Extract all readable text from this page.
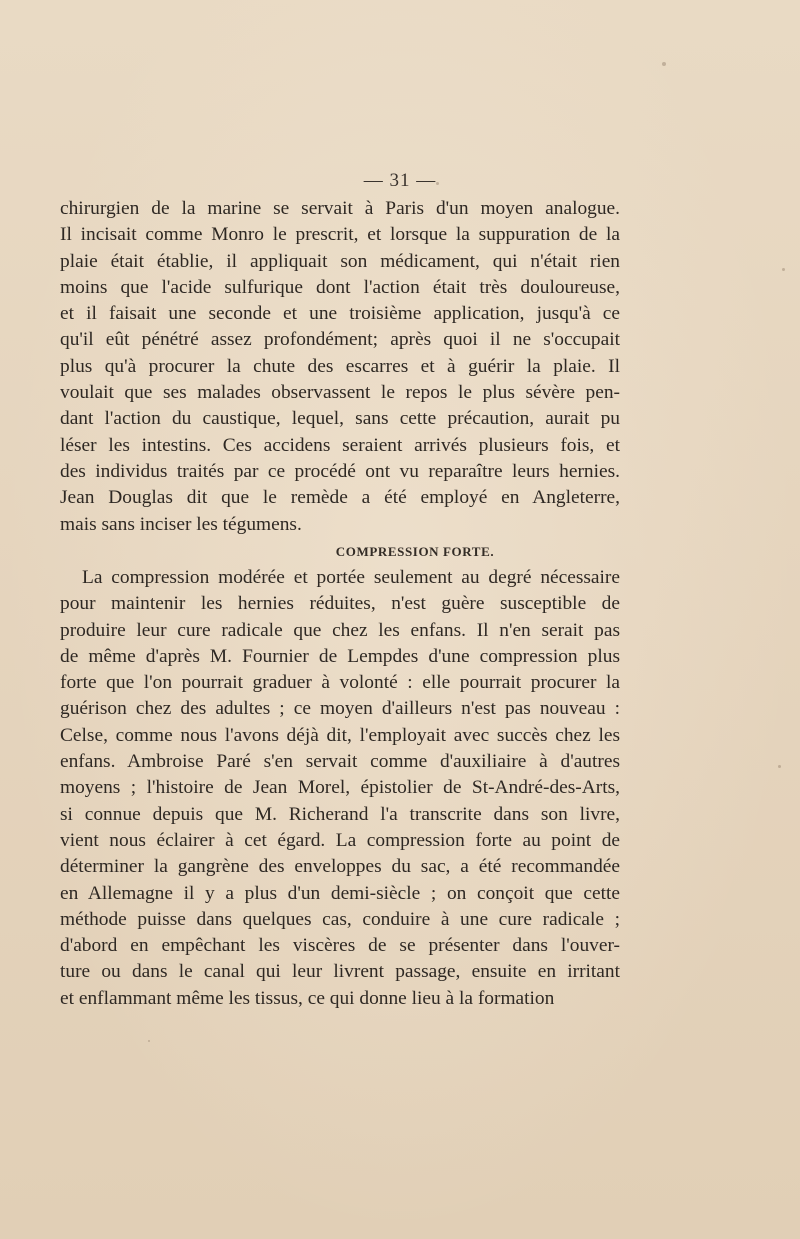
— 31 —
chirurgien de la marine se servait à Paris d'un moyen analogue.
Il incisait comme Monro le prescrit, et lorsque la suppuration de la
plaie était établie, il appliquait son médicament, qui n'était rien
moins que l'acide sulfurique dont l'action était très douloureuse,
et il faisait une seconde et une troisième application, jusqu'à ce
qu'il eût pénétré assez profondément; après quoi il ne s'occupait
plus qu'à procurer la chute des escarres et à guérir la plaie. Il
voulait que ses malades observassent le repos le plus sévère pen-
dant l'action du caustique, lequel, sans cette précaution, aurait pu
léser les intestins. Ces accidens seraient arrivés plusieurs fois, et
des individus traités par ce procédé ont vu reparaître leurs hernies.
Jean Douglas dit que le remède a été employé en Angleterre,
mais sans inciser les tégumens.
COMPRESSION FORTE.
La compression modérée et portée seulement au degré nécessaire
pour maintenir les hernies réduites, n'est guère susceptible de
produire leur cure radicale que chez les enfans. Il n'en serait pas
de même d'après M. Fournier de Lempdes d'une compression plus
forte que l'on pourrait graduer à volonté : elle pourrait procurer la
guérison chez des adultes ; ce moyen d'ailleurs n'est pas nouveau :
Celse, comme nous l'avons déjà dit, l'employait avec succès chez les
enfans. Ambroise Paré s'en servait comme d'auxiliaire à d'autres
moyens ; l'histoire de Jean Morel, épistolier de St-André-des-Arts,
si connue depuis que M. Richerand l'a transcrite dans son livre,
vient nous éclairer à cet égard. La compression forte au point de
déterminer la gangrène des enveloppes du sac, a été recommandée
en Allemagne il y a plus d'un demi-siècle ; on conçoit que cette
méthode puisse dans quelques cas, conduire à une cure radicale ;
d'abord en empêchant les viscères de se présenter dans l'ouver-
ture ou dans le canal qui leur livrent passage, ensuite en irritant
et enflammant même les tissus, ce qui donne lieu à la formation
